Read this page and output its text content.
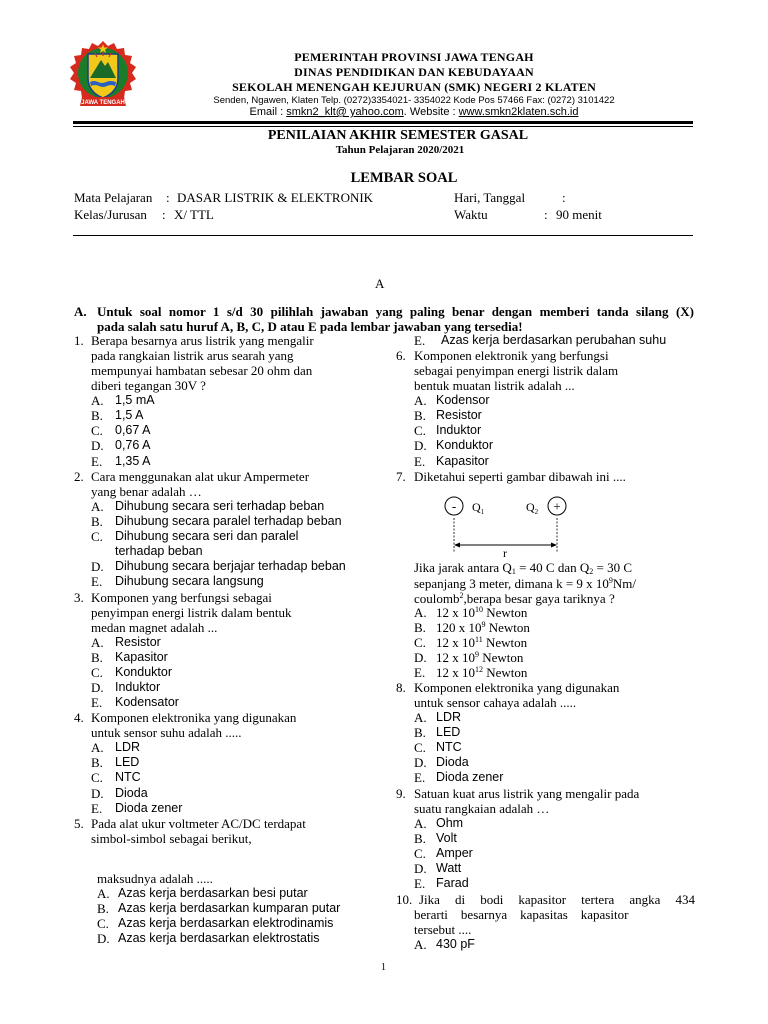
JAWA TENGAH
PEMERINTAH PROVINSI JAWA TENGAH
DINAS PENDIDIKAN DAN KEBUDAYAAN
SEKOLAH MENENGAH KEJURUAN (SMK) NEGERI 2 KLATEN
Senden, Ngawen, Klaten Telp. (0272)3354021- 3354022 Kode Pos 57466 Fax: (0272) 3101422
Email : smkn2_klt@ yahoo.com. Website : www.smkn2klaten.sch.id
PENILAIAN AKHIR SEMESTER GASAL
Tahun Pelajaran 2020/2021
LEMBAR SOAL
Mata Pelajaran : DASAR LISTRIK & ELEKTRONIK	Hari, Tanggal	:
Kelas/Jurusan : X/ TTL	Waktu	: 90 menit
A
A. Untuk soal nomor 1 s/d 30 pilihlah jawaban yang paling benar dengan memberi tanda silang (X)
pada salah satu huruf A, B, C, D atau E pada lembar jawaban yang tersedia!
1. Berapa besarnya arus listrik yang mengalir
pada rangkaian listrik arus searah yang
mempunyai hambatan sebesar 20 ohm dan
diberi tegangan 30V ?
A. 1,5 mA
B. 1,5 A
C. 0,67 A
D. 0,76 A
E. 1,35 A
2. Cara menggunakan alat ukur Ampermeter
yang benar adalah …
A. Dihubung secara seri terhadap beban
B. Dihubung secara paralel terhadap beban
C. Dihubung secara seri dan paralel
terhadap beban
D. Dihubung secara berjajar terhadap beban
E. Dihubung secara langsung
3. Komponen yang berfungsi sebagai
penyimpan energi listrik dalam bentuk
medan magnet adalah ...
A. Resistor
B. Kapasitor
C. Konduktor
D. Induktor
E. Kodensator
4. Komponen elektronika yang digunakan
untuk sensor suhu adalah .....
A. LDR
B. LED
C. NTC
D. Dioda
E. Dioda zener
5. Pada alat ukur voltmeter AC/DC terdapat
simbol-simbol sebagai berikut,
maksudnya adalah .....
A. Azas kerja berdasarkan besi putar
B. Azas kerja berdasarkan kumparan putar
C. Azas kerja berdasarkan elektrodinamis
D. Azas kerja berdasarkan elektrostatis
E. Azas kerja berdasarkan perubahan suhu
6. Komponen elektronik yang berfungsi
sebagai penyimpan energi listrik dalam
bentuk muatan listrik adalah ...
A. Kodensor
B. Resistor
C. Induktor
D. Konduktor
E. Kapasitor
7. Diketahui seperti gambar dibawah ini ....
- $Q_1$	$Q_2$ +
r
Jika jarak antara $Q_1 = 40$ C dan $Q_2 = 30$ C
sepanjang 3 meter, dimana k = 9 x $10^9Nm/$
coulomb$^2$,berapa besar gaya tariknya ?
A. 12 x $10^{10}$ Newton
B. 120 x $10^9$ Newton
C. 12 x $10^{11}$ Newton
D. 12 x $10^9$ Newton
E. 12 x $10^{12}$ Newton
8. Komponen elektronika yang digunakan
untuk sensor cahaya adalah .....
A. LDR
B. LED
C. NTC
D. Dioda
E. Dioda zener
9. Satuan kuat arus listrik yang mengalir pada
suatu rangkaian adalah …
A. Ohm
B. Volt
C. Amper
D. Watt
E. Farad
10. Jika di bodi kapasitor tertera angka 434
berarti    besarnya    kapasitas    kapasitor
tersebut ....
A. 430 pF
1
